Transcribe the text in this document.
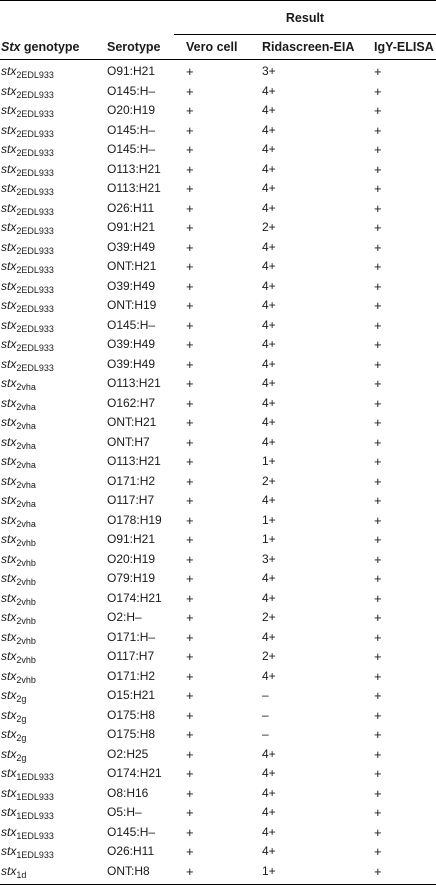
Result
Stx genotype Serotype Vero cell Ridascreen-EIA IgY-ELISA
stx$_{2EDL933}$	O91:H21 +	3+	+
stx$_{2EDL933}$	O145:H– +	4+	+
stx$_{2EDL933}$	O20:H19 +	4+	+
stx$_{2EDL933}$	O145:H– +	4+	+
stx$_{2EDL933}$	O145:H– +	4+	+
stx$_{2EDL933}$	O113:H21 +	4+	+
stx$_{2EDL933}$	O113:H21 +	4+	+
stx$_{2EDL933}$	O26:H11 +	4+	+
stx$_{2EDL933}$	O91:H21 +	2+	+
stx$_{2EDL933}$	O39:H49 +	4+	+
stx$_{2EDL933}$	ONT:H21 +	4+	+
stx$_{2EDL933}$	O39:H49 +	4+	+
stx$_{2EDL933}$	ONT:H19 +	4+	+
stx$_{2EDL933}$	O145:H– +	4+	+
stx$_{2EDL933}$	O39:H49 +	4+	+
stx$_{2EDL933}$	O39:H49 +	4+	+
stx$_{2vha}$	O113:H21 +	4+	+
stx$_{2vha}$	O162:H7 +	4+	+
stx$_{2vha}$	ONT:H21 +	4+	+
stx$_{2vha}$	ONT:H7	+	4+	+
stx$_{2vha}$	O113:H21 +	1+	+
stx$_{2vha}$	O171:H2 +	2+	+
stx$_{2vha}$	O117:H7 +	4+	+
stx$_{2vha}$	O178:H19 +	1+	+
stx$_{2vhb}$	O91:H21 +	1+	+
stx$_{2vhb}$	O20:H19 +	3+	+
stx$_{2vhb}$	O79:H19 +	4+	+
stx$_{2vhb}$	O174:H21 +	4+	+
stx$_{2vhb}$	O2:H–	+	2+	+
stx$_{2vhb}$	O171:H– +	4+	+
stx$_{2vhb}$	O117:H7 +	2+	+
stx$_{2vhb}$	O171:H2 +	4+	+
stx$_{2g}$	O15:H21 +	–	+
stx$_{2g}$	O175:H8 +	–	+
stx$_{2g}$	O175:H8 +	–	+
stx$_{2g}$	O2:H25	+	4+	+
stx$_{1EDL933}$	O174:H21 +	4+	+
stx$_{1EDL933}$	O8:H16	+	4+	+
stx$_{1EDL933}$	O5:H–	+	4+	+
stx$_{1EDL933}$	O145:H– +	4+	+
stx$_{1EDL933}$	O26:H11 +	4+	+
stx$_{1d}$	ONT:H8	+	1+	+
